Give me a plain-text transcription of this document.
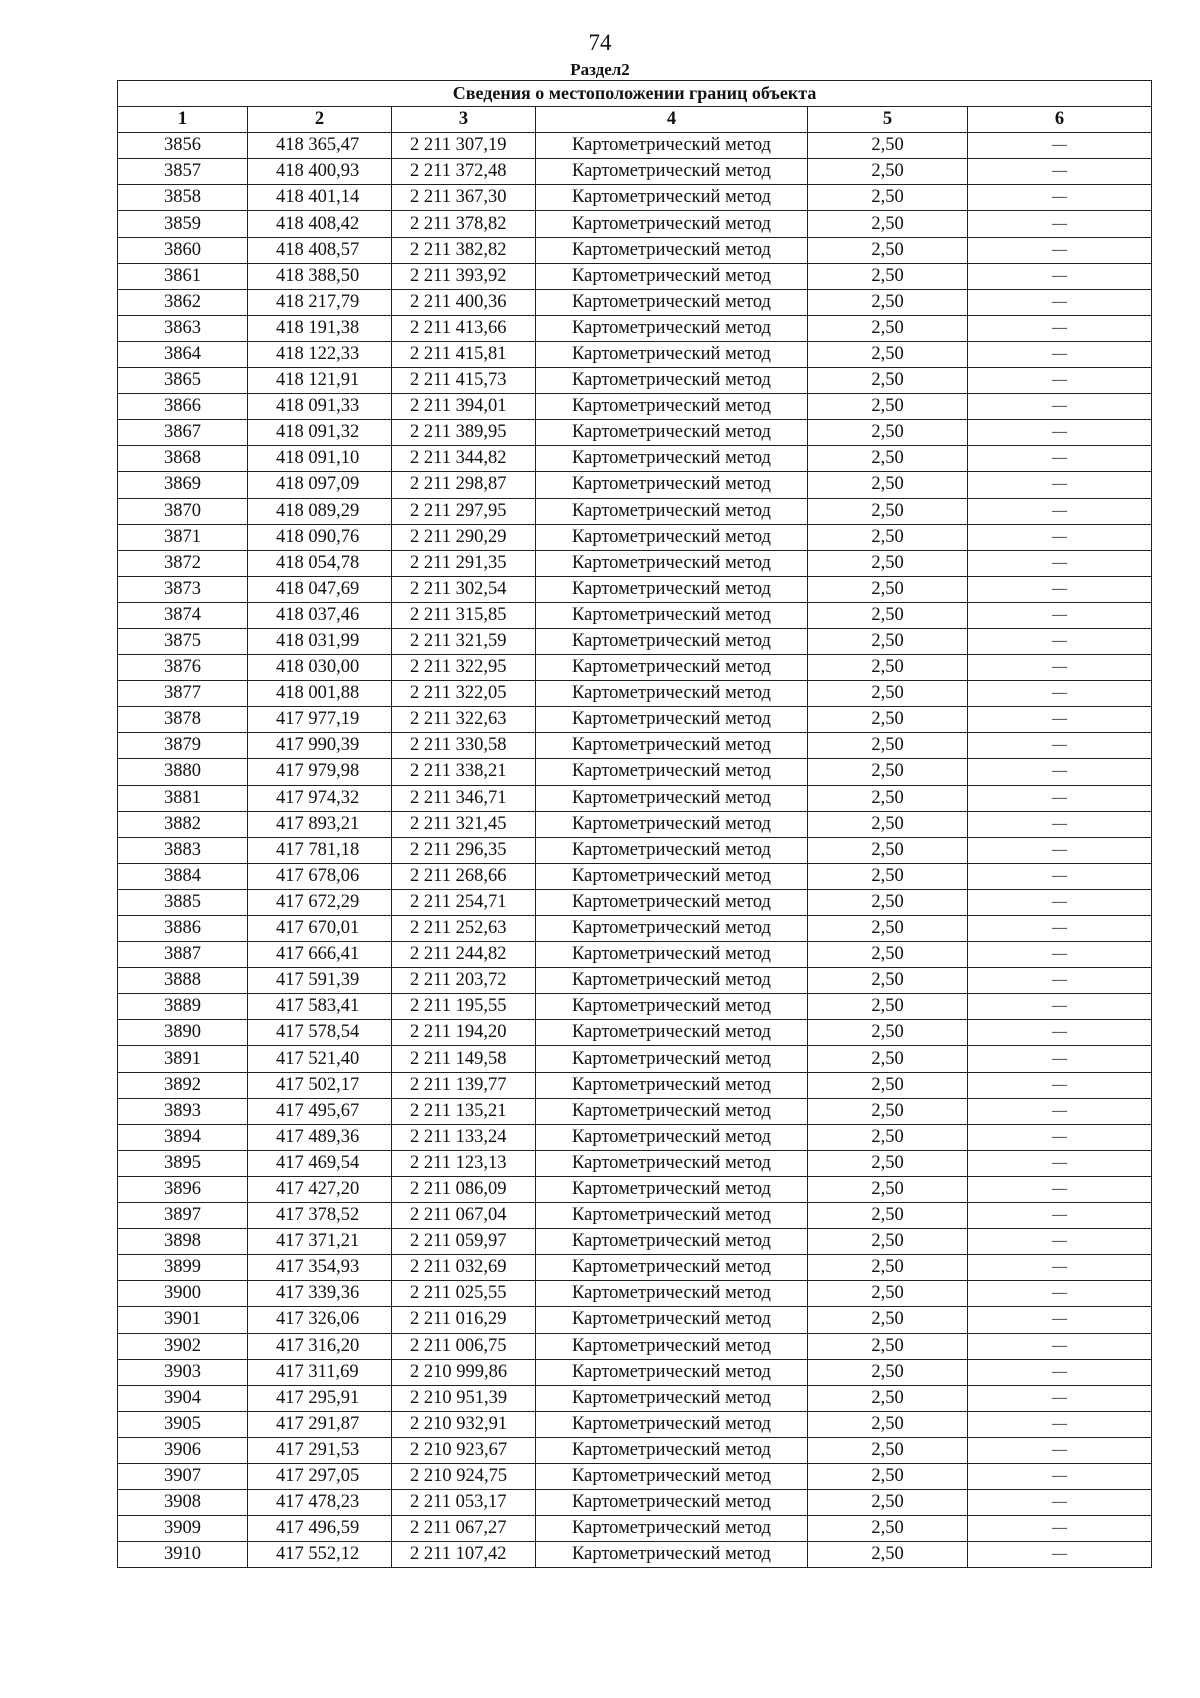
74
Раздел2
Сведения о местоположении границ объекта					
1	2	3	4	5	6
3856	418 365,47	2 211 307,19	Картометрический метод	2,50	—
3857	418 400,93	2 211 372,48	Картометрический метод	2,50	—
3858	418 401,14	2 211 367,30	Картометрический метод	2,50	—
3859	418 408,42	2 211 378,82	Картометрический метод	2,50	—
3860	418 408,57	2 211 382,82	Картометрический метод	2,50	—
3861	418 388,50	2 211 393,92	Картометрический метод	2,50	—
3862	418 217,79	2 211 400,36	Картометрический метод	2,50	—
3863	418 191,38	2 211 413,66	Картометрический метод	2,50	—
3864	418 122,33	2 211 415,81	Картометрический метод	2,50	—
3865	418 121,91	2 211 415,73	Картометрический метод	2,50	—
3866	418 091,33	2 211 394,01	Картометрический метод	2,50	—
3867	418 091,32	2 211 389,95	Картометрический метод	2,50	—
3868	418 091,10	2 211 344,82	Картометрический метод	2,50	—
3869	418 097,09	2 211 298,87	Картометрический метод	2,50	—
3870	418 089,29	2 211 297,95	Картометрический метод	2,50	—
3871	418 090,76	2 211 290,29	Картометрический метод	2,50	—
3872	418 054,78	2 211 291,35	Картометрический метод	2,50	—
3873	418 047,69	2 211 302,54	Картометрический метод	2,50	—
3874	418 037,46	2 211 315,85	Картометрический метод	2,50	—
3875	418 031,99	2 211 321,59	Картометрический метод	2,50	—
3876	418 030,00	2 211 322,95	Картометрический метод	2,50	—
3877	418 001,88	2 211 322,05	Картометрический метод	2,50	—
3878	417 977,19	2 211 322,63	Картометрический метод	2,50	—
3879	417 990,39	2 211 330,58	Картометрический метод	2,50	—
3880	417 979,98	2 211 338,21	Картометрический метод	2,50	—
3881	417 974,32	2 211 346,71	Картометрический метод	2,50	—
3882	417 893,21	2 211 321,45	Картометрический метод	2,50	—
3883	417 781,18	2 211 296,35	Картометрический метод	2,50	—
3884	417 678,06	2 211 268,66	Картометрический метод	2,50	—
3885	417 672,29	2 211 254,71	Картометрический метод	2,50	—
3886	417 670,01	2 211 252,63	Картометрический метод	2,50	—
3887	417 666,41	2 211 244,82	Картометрический метод	2,50	—
3888	417 591,39	2 211 203,72	Картометрический метод	2,50	—
3889	417 583,41	2 211 195,55	Картометрический метод	2,50	—
3890	417 578,54	2 211 194,20	Картометрический метод	2,50	—
3891	417 521,40	2 211 149,58	Картометрический метод	2,50	—
3892	417 502,17	2 211 139,77	Картометрический метод	2,50	—
3893	417 495,67	2 211 135,21	Картометрический метод	2,50	—
3894	417 489,36	2 211 133,24	Картометрический метод	2,50	—
3895	417 469,54	2 211 123,13	Картометрический метод	2,50	—
3896	417 427,20	2 211 086,09	Картометрический метод	2,50	—
3897	417 378,52	2 211 067,04	Картометрический метод	2,50	—
3898	417 371,21	2 211 059,97	Картометрический метод	2,50	—
3899	417 354,93	2 211 032,69	Картометрический метод	2,50	—
3900	417 339,36	2 211 025,55	Картометрический метод	2,50	—
3901	417 326,06	2 211 016,29	Картометрический метод	2,50	—
3902	417 316,20	2 211 006,75	Картометрический метод	2,50	—
3903	417 311,69	2 210 999,86	Картометрический метод	2,50	—
3904	417 295,91	2 210 951,39	Картометрический метод	2,50	—
3905	417 291,87	2 210 932,91	Картометрический метод	2,50	—
3906	417 291,53	2 210 923,67	Картометрический метод	2,50	—
3907	417 297,05	2 210 924,75	Картометрический метод	2,50	—
3908	417 478,23	2 211 053,17	Картометрический метод	2,50	—
3909	417 496,59	2 211 067,27	Картометрический метод	2,50	—
3910	417 552,12	2 211 107,42	Картометрический метод	2,50	—
